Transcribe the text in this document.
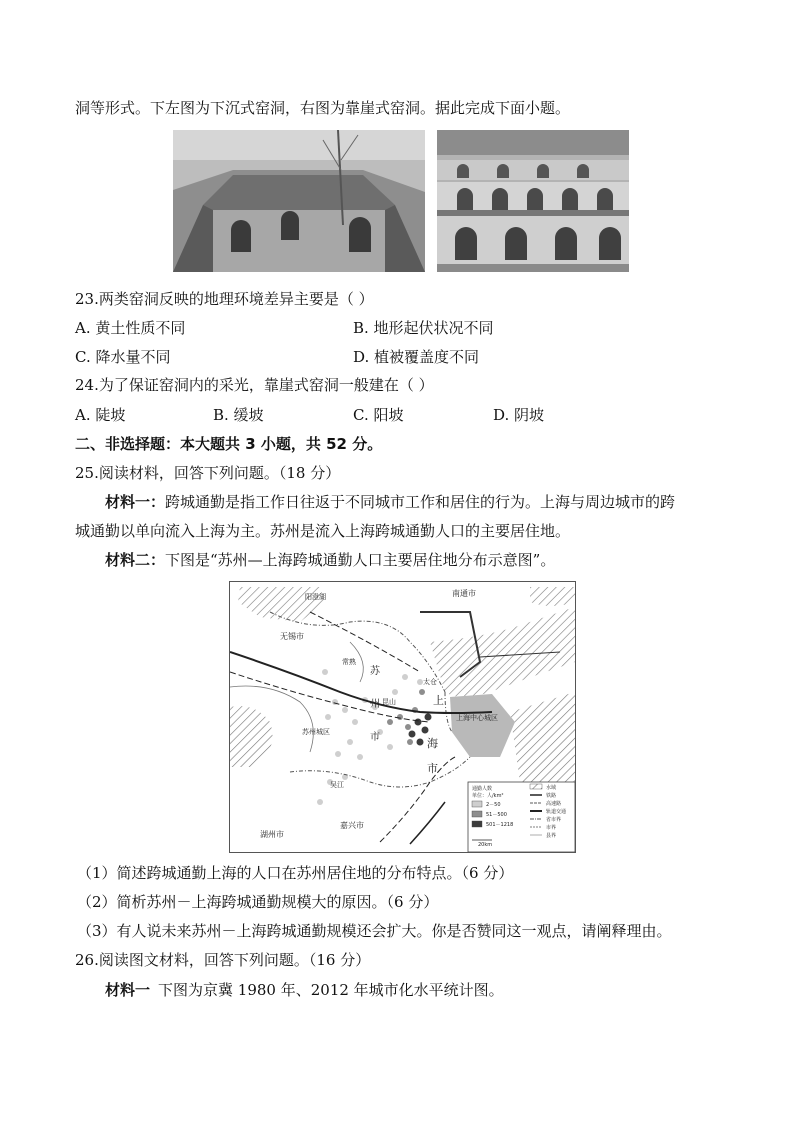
洞等形式。下左图为下沉式窑洞，右图为靠崖式窑洞。据此完成下面小题。
23.两类窑洞反映的地理环境差异主要是（ ）
A. 黄土性质不同	B. 地形起伏状况不同
C. 降水量不同	D. 植被覆盖度不同
24.为了保证窑洞内的采光，靠崖式窑洞一般建在（ ）
A. 陡坡	B. 缓坡	C. 阳坡	D. 阴坡
二、非选择题：本大题共 3 小题，共 52 分。
25.阅读材料，回答下列问题。（18 分）
材料一：跨城通勤是指工作日往返于不同城市工作和居住的行为。上海与周边城市的跨
城通勤以单向流入上海为主。苏州是流入上海跨城通勤人口的主要居住地。
材料二：下图是“苏州—上海跨城通勤人口主要居住地分布示意图”。
阳澄湖	南通市
无锡市
常熟
苏
太仓
州 昆山
苏州城区	市
上
上海中心城区
海
市
吴江
湖州市
嘉兴市
通勤人数
单位：人/km²
2－50
51－500
501－1218
20km
水域
铁路
高速路
轨道交通
省市界
市界
县界
（1）简述跨城通勤上海的人口在苏州居住地的分布特点。（6 分）
（2）简析苏州－上海跨城通勤规模大的原因。（6 分）
（3）有人说未来苏州－上海跨城通勤规模还会扩大。你是否赞同这一观点，请阐释理由。
26.阅读图文材料，回答下列问题。（16 分）
材料一 下图为京冀 1980 年、2012 年城市化水平统计图。
